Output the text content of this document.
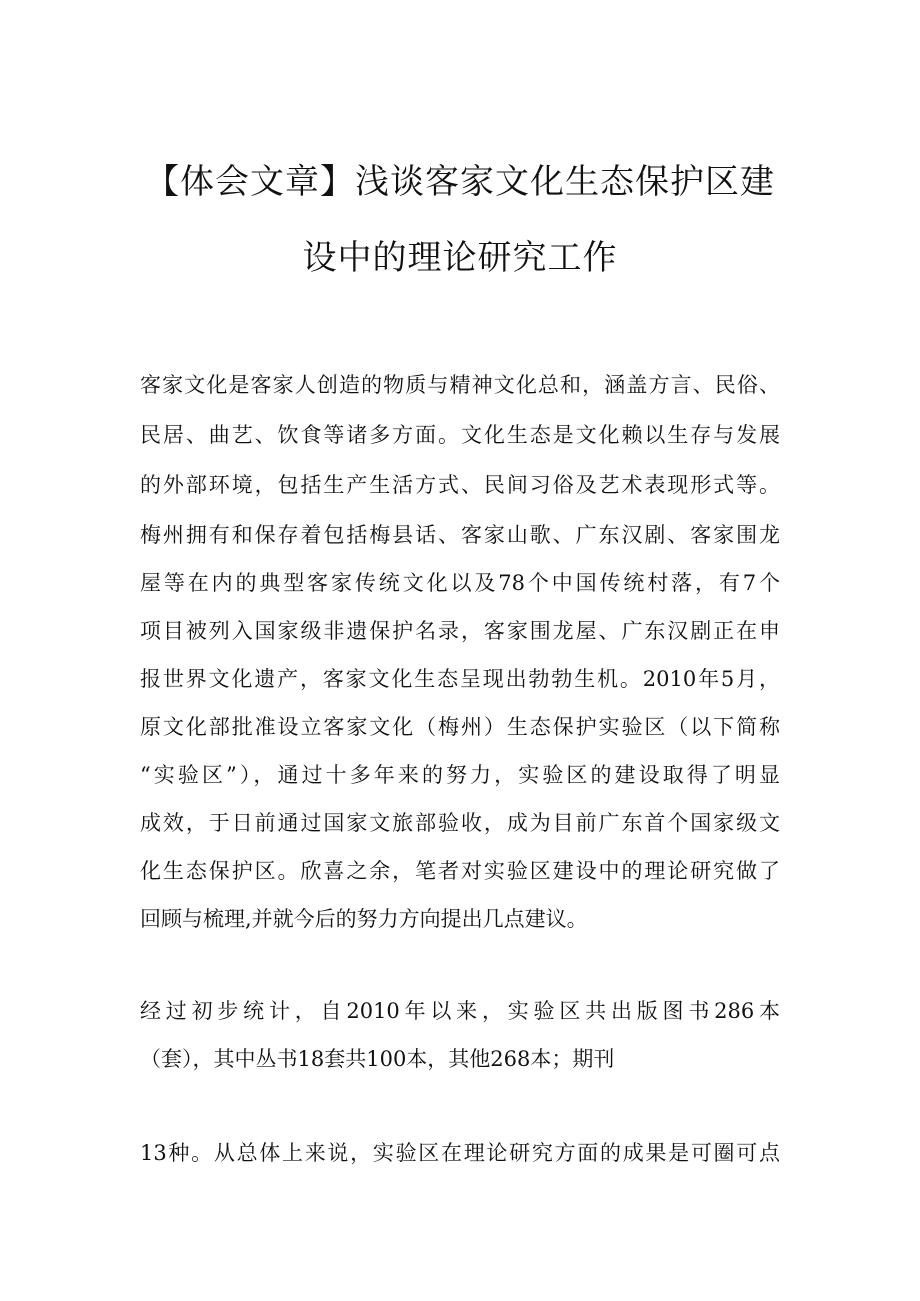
【体会文章】浅谈客家文化生态保护区建
设中的理论研究工作
客家文化是客家人创造的物质与精神文化总和，涵盖方言、民俗、
民居、曲艺、饮食等诸多方面。文化生态是文化赖以生存与发展
的外部环境，包括生产生活方式、民间习俗及艺术表现形式等。
梅州拥有和保存着包括梅县话、客家山歌、广东汉剧、客家围龙
屋等在内的典型客家传统文化以及78个中国传统村落，有7个
项目被列入国家级非遗保护名录，客家围龙屋、广东汉剧正在申
报世界文化遗产，客家文化生态呈现出勃勃生机。2010年5月，
原文化部批准设立客家文化（梅州）生态保护实验区（以下简称
“实验区”），通过十多年来的努力，实验区的建设取得了明显
成效，于日前通过国家文旅部验收，成为目前广东首个国家级文
化生态保护区。欣喜之余，笔者对实验区建设中的理论研究做了
回顾与梳理,并就今后的努力方向提出几点建议。
经过初步统计，自2010年以来，实验区共出版图书286本
（套），其中丛书18套共100本，其他268本；期刊
13种。从总体上来说，实验区在理论研究方面的成果是可圈可点
